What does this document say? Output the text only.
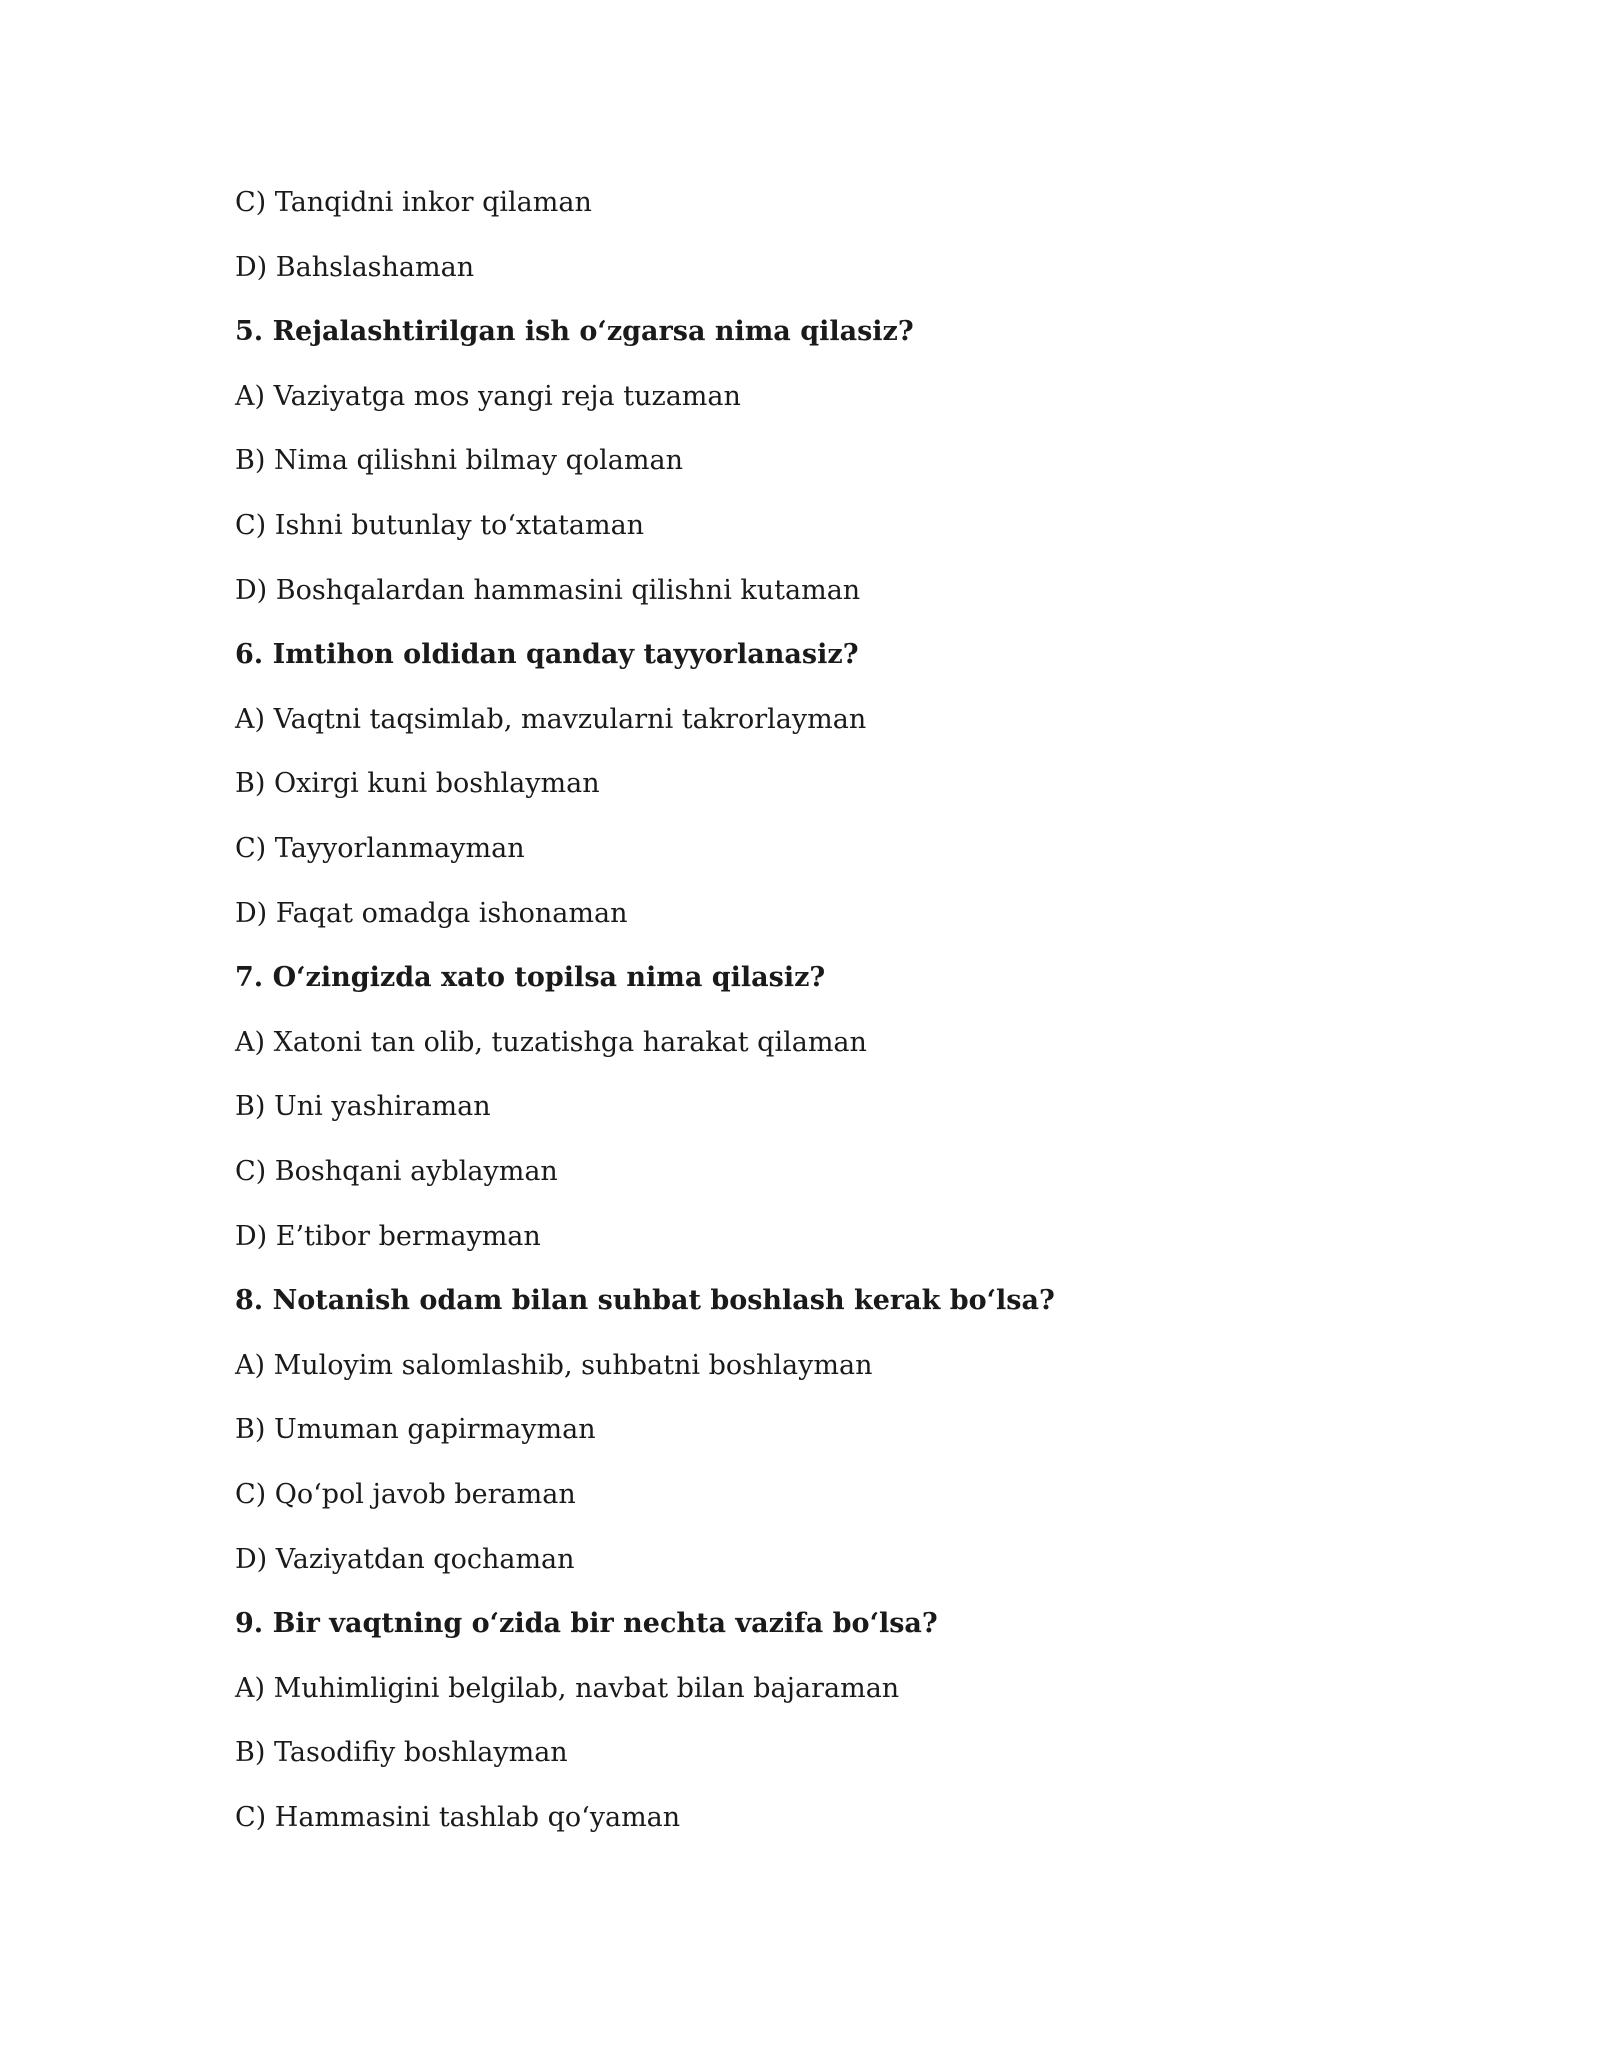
C) Tanqidni inkor qilaman
D) Bahslashaman
5. Rejalashtirilgan ish o‘zgarsa nima qilasiz?
A) Vaziyatga mos yangi reja tuzaman
B) Nima qilishni bilmay qolaman
C) Ishni butunlay to‘xtataman
D) Boshqalardan hammasini qilishni kutaman
6. Imtihon oldidan qanday tayyorlanasiz?
A) Vaqtni taqsimlab, mavzularni takrorlayman
B) Oxirgi kuni boshlayman
C) Tayyorlanmayman
D) Faqat omadga ishonaman
7. O‘zingizda xato topilsa nima qilasiz?
A) Xatoni tan olib, tuzatishga harakat qilaman
B) Uni yashiraman
C) Boshqani ayblayman
D) E’tibor bermayman
8. Notanish odam bilan suhbat boshlash kerak bo‘lsa?
A) Muloyim salomlashib, suhbatni boshlayman
B) Umuman gapirmayman
C) Qo‘pol javob beraman
D) Vaziyatdan qochaman
9. Bir vaqtning o‘zida bir nechta vazifa bo‘lsa?
A) Muhimligini belgilab, navbat bilan bajaraman
B) Tasodifiy boshlayman
C) Hammasini tashlab qo‘yaman
